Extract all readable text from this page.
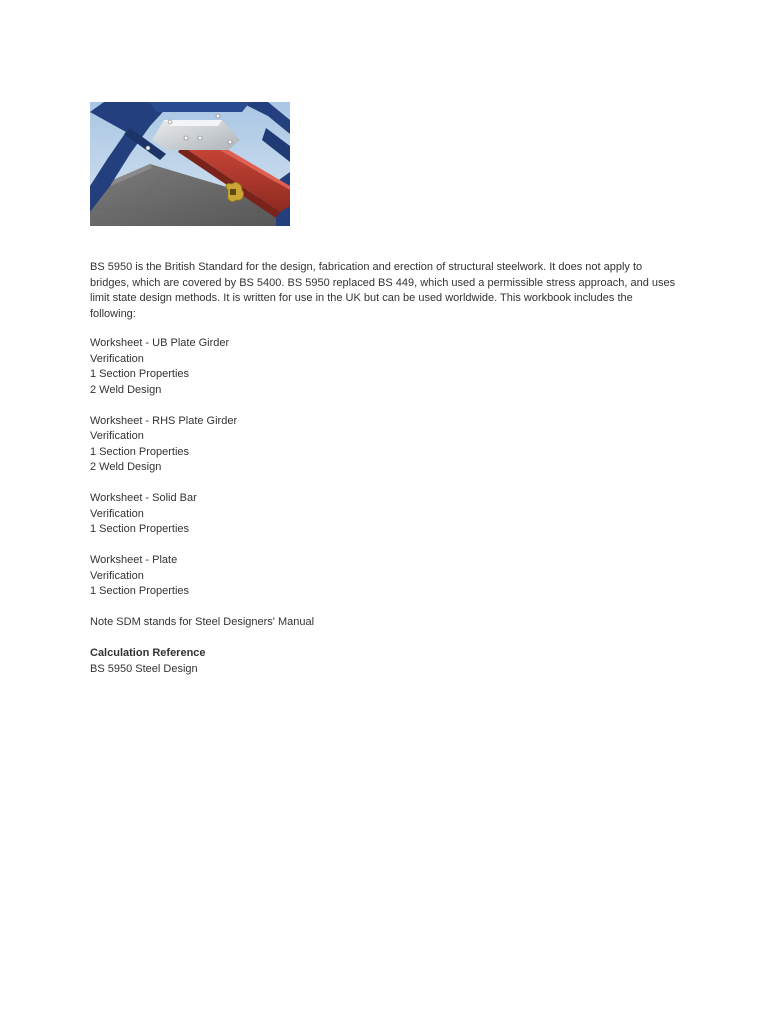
BS 5950 is the British Standard for the design, fabrication and erection of structural steelwork. It does not apply to bridges, which are covered by BS 5400. BS 5950 replaced BS 449, which used a permissible stress approach, and uses limit state design methods. It is written for use in the UK but can be used worldwide. This workbook includes the following:

Worksheet - UB Plate Girder
Verification
1 Section Properties
2 Weld Design
Worksheet - RHS Plate Girder
Verification
1 Section Properties
2 Weld Design
Worksheet - Solid Bar
Verification
1 Section Properties
Worksheet - Plate
Verification
1 Section Properties

Note SDM stands for Steel Designers' Manual

Calculation Reference
BS 5950 Steel Design
